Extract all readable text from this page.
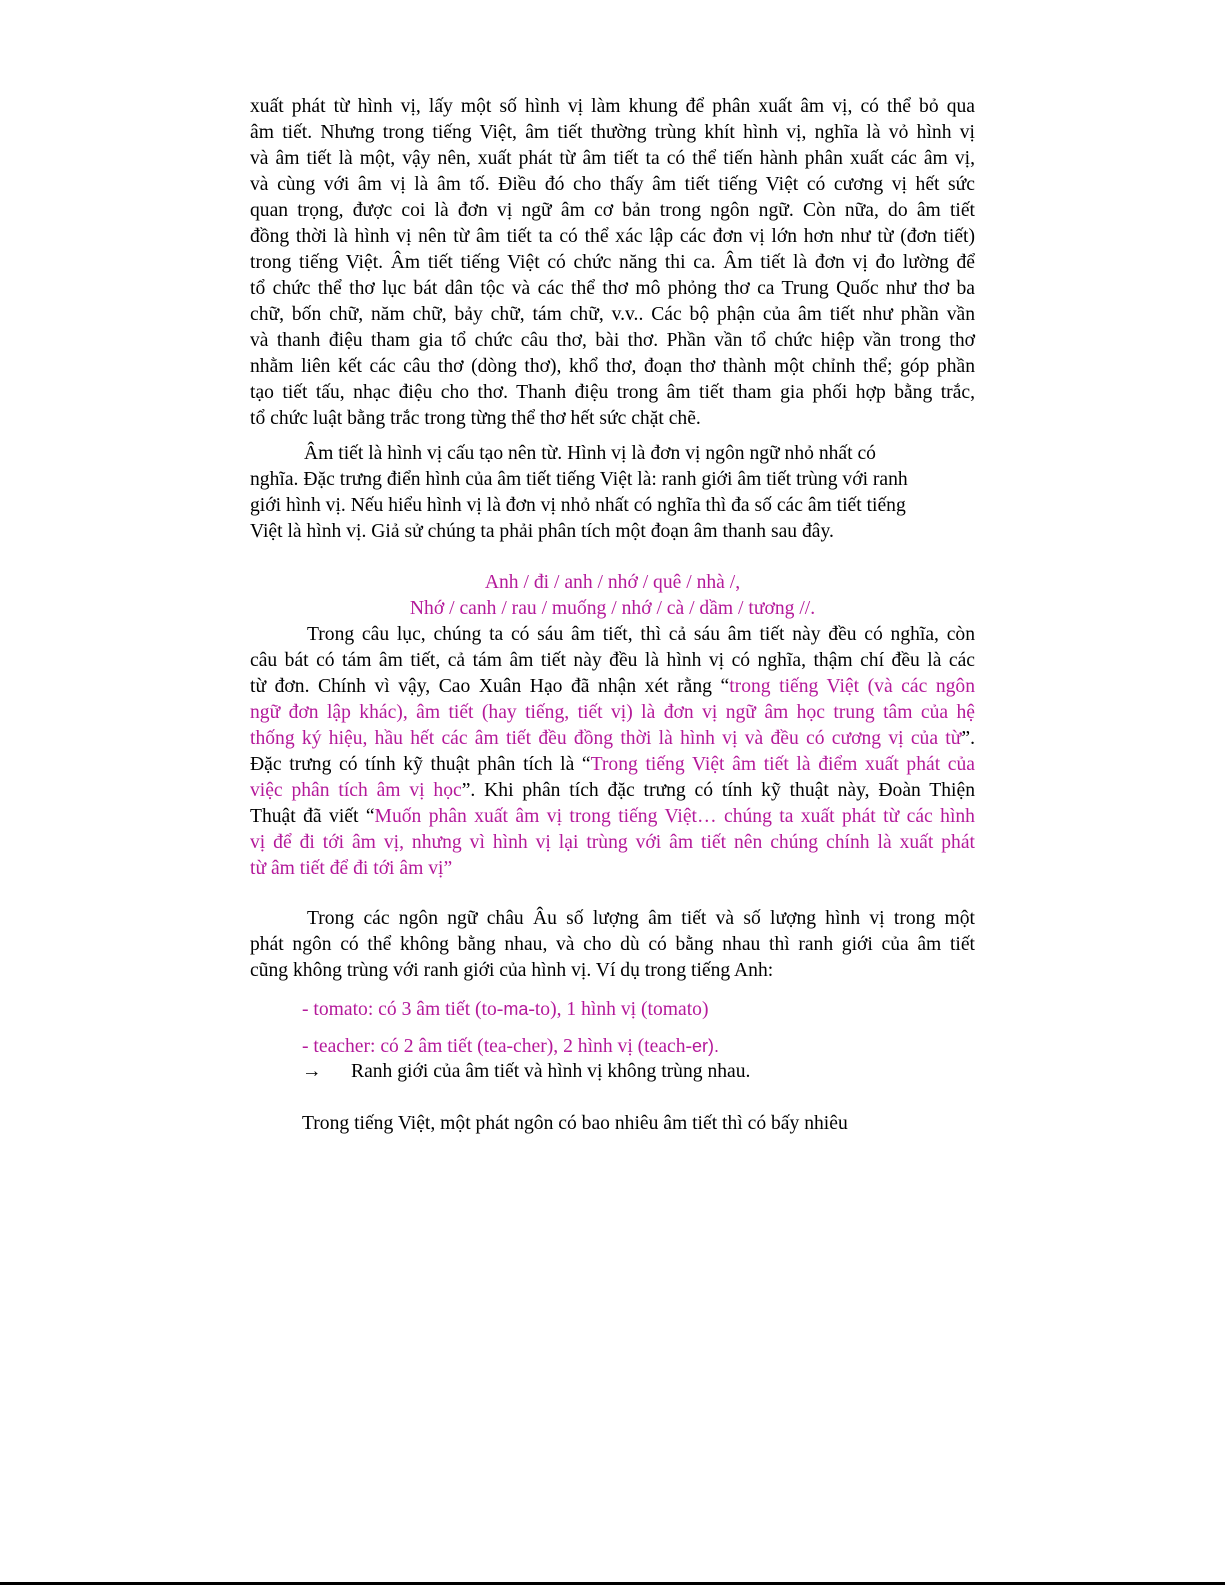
xuất phát từ hình vị, lấy một số hình vị làm khung để phân xuất âm vị, có thể bỏ qua
âm tiết. Nhưng trong tiếng Việt, âm tiết thường trùng khít hình vị, nghĩa là vỏ hình vị
và âm tiết là một, vậy nên, xuất phát từ âm tiết ta có thể tiến hành phân xuất các âm vị,
và cùng với âm vị là âm tố. Điều đó cho thấy âm tiết tiếng Việt có cương vị hết sức
quan trọng, được coi là đơn vị ngữ âm cơ bản trong ngôn ngữ. Còn nữa, do âm tiết
đồng thời là hình vị nên từ âm tiết ta có thể xác lập các đơn vị lớn hơn như từ (đơn tiết)
trong tiếng Việt. Âm tiết tiếng Việt có chức năng thi ca. Âm tiết là đơn vị đo lường để
tổ chức thể thơ lục bát dân tộc và các thể thơ mô phỏng thơ ca Trung Quốc như thơ ba
chữ, bốn chữ, năm chữ, bảy chữ, tám chữ, v.v.. Các bộ phận của âm tiết như phần vần
và thanh điệu tham gia tổ chức câu thơ, bài thơ. Phần vần tổ chức hiệp vần trong thơ
nhằm liên kết các câu thơ (dòng thơ), khổ thơ, đoạn thơ thành một chỉnh thể; góp phần
tạo tiết tấu, nhạc điệu cho thơ. Thanh điệu trong âm tiết tham gia phối hợp bằng trắc,
tổ chức luật bằng trắc trong từng thể thơ hết sức chặt chẽ.
Âm tiết là hình vị cấu tạo nên từ. Hình vị là đơn vị ngôn ngữ nhỏ nhất có
nghĩa. Đặc trưng điển hình của âm tiết tiếng Việt là: ranh giới âm tiết trùng với ranh
giới hình vị. Nếu hiểu hình vị là đơn vị nhỏ nhất có nghĩa thì đa số các âm tiết tiếng
Việt là hình vị. Giả sử chúng ta phải phân tích một đoạn âm thanh sau đây.
Anh / đi / anh / nhớ / quê / nhà /,
Nhớ / canh / rau / muống / nhớ / cà / dầm / tương //.
Trong câu lục, chúng ta có sáu âm tiết, thì cả sáu âm tiết này đều có nghĩa, còn
câu bát có tám âm tiết, cả tám âm tiết này đều là hình vị có nghĩa, thậm chí đều là các
từ đơn. Chính vì vậy, Cao Xuân Hạo đã nhận xét rằng “trong tiếng Việt (và các ngôn
ngữ đơn lập khác), âm tiết (hay tiếng, tiết vị) là đơn vị ngữ âm học trung tâm của hệ
thống ký hiệu, hầu hết các âm tiết đều đồng thời là hình vị và đều có cương vị của từ”.
Đặc trưng có tính kỹ thuật phân tích là “Trong tiếng Việt âm tiết là điểm xuất phát của
việc phân tích âm vị học”. Khi phân tích đặc trưng có tính kỹ thuật này, Đoàn Thiện
Thuật đã viết “Muốn phân xuất âm vị trong tiếng Việt… chúng ta xuất phát từ các hình
vị để đi tới âm vị, nhưng vì hình vị lại trùng với âm tiết nên chúng chính là xuất phát
từ âm tiết để đi tới âm vị”
Trong các ngôn ngữ châu Âu số lượng âm tiết và số lượng hình vị trong một
phát ngôn có thể không bằng nhau, và cho dù có bằng nhau thì ranh giới của âm tiết
cũng không trùng với ranh giới của hình vị. Ví dụ trong tiếng Anh:
- tomato: có 3 âm tiết (to-ma-to), 1 hình vị (tomato)
- teacher: có 2 âm tiết (tea-cher), 2 hình vị (teach-er).
→ Ranh giới của âm tiết và hình vị không trùng nhau.
Trong tiếng Việt, một phát ngôn có bao nhiêu âm tiết thì có bấy nhiêu
